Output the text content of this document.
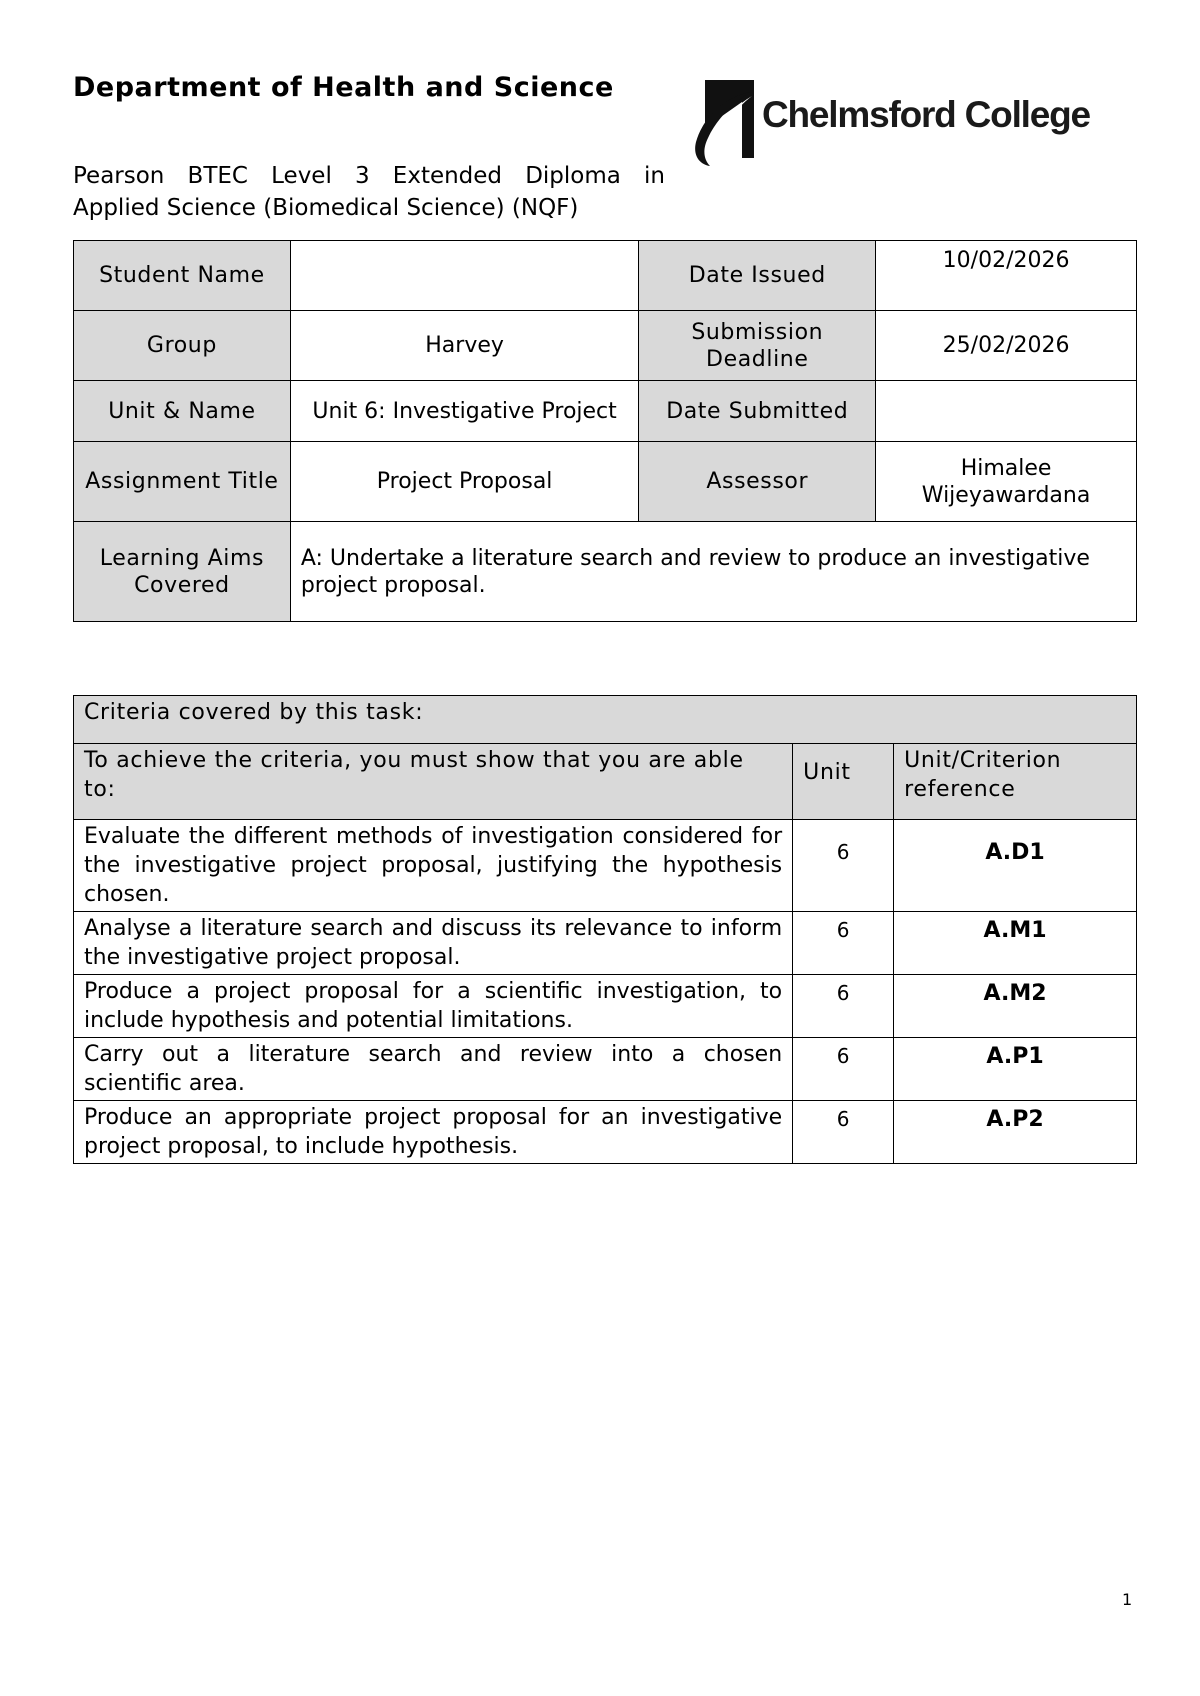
Department of Health and Science
Pearson BTEC Level 3 Extended Diploma in
Applied Science (Biomedical Science) (NQF)
Chelmsford College
Student Name		Date Issued	10/02/2026
Group	Harvey	Submission Deadline	25/02/2026
Unit & Name	Unit 6: Investigative Project	Date Submitted	
Assignment Title	Project Proposal	Assessor	Himalee Wijeyawardana
Learning Aims Covered	A: Undertake a literature search and review to produce an investigative project proposal.		
Criteria covered by this task:		
To achieve the criteria, you must show that you are able to:	Unit	Unit/Criterion reference
Evaluate the different methods of investigation considered for the investigative project proposal, justifying the hypothesis chosen.	6	A.D1
Analyse a literature search and discuss its relevance to inform the investigative project proposal.	6	A.M1
Produce a project proposal for a scientific investigation, to include hypothesis and potential limitations.	6	A.M2
Carry out a literature search and review into a chosen scientific area.	6	A.P1
Produce an appropriate project proposal for an investigative project proposal, to include hypothesis.	6	A.P2
1
